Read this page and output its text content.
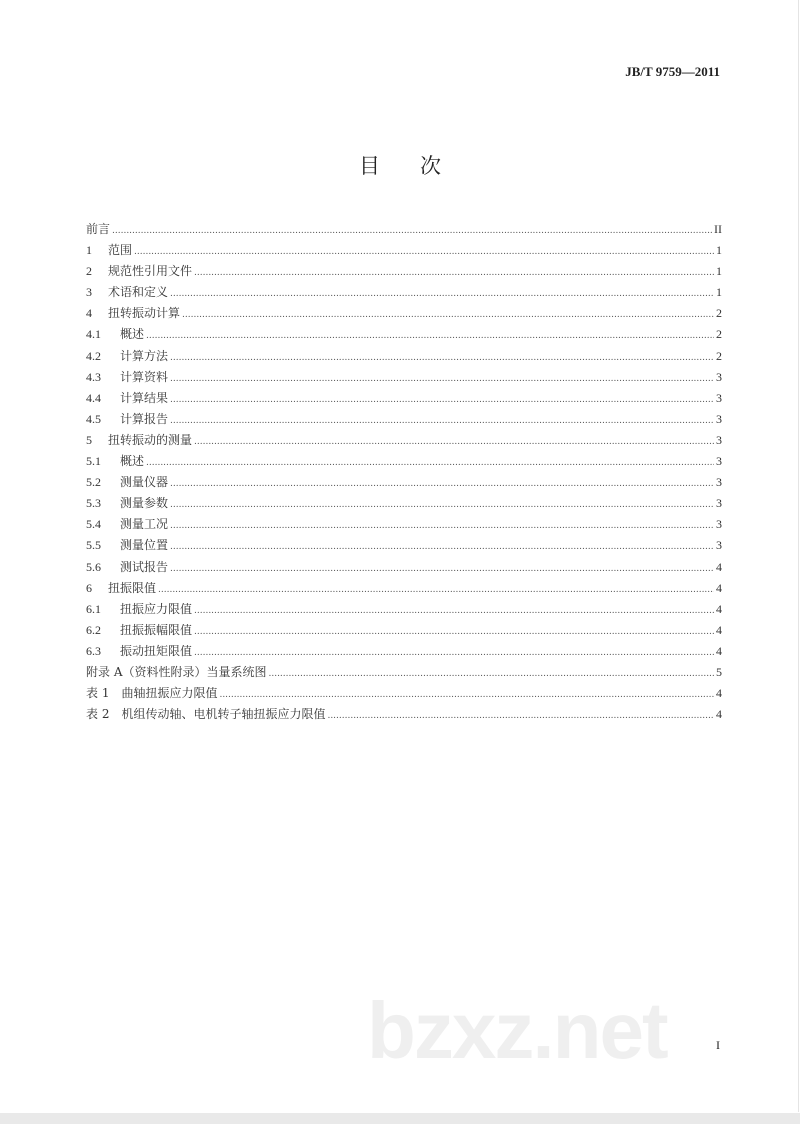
JB/T 9759—2011
目次
前言 .....	II
1	范围 .....	1
2	规范性引用文件 .....	1
3	术语和定义 .....	1
4	扭转振动计算 .....	2
4.1	概述 .....	2
4.2	计算方法 .....	2
4.3	计算资料 .....	3
4.4	计算结果 .....	3
4.5	计算报告 .....	3
5	扭转振动的测量 .....	3
5.1	概述 .....	3
5.2	测量仪器 .....	3
5.3	测量参数 .....	3
5.4	测量工况 .....	3
5.5	测量位置 .....	3
5.6	测试报告 .....	4
6	扭振限值 .....	4
6.1	扭振应力限值 .....	4
6.2	扭振振幅限值 .....	4
6.3	振动扭矩限值 .....	4
附录 A（资料性附录）当量系统图 .....	5
表 1　曲轴扭振应力限值 .....	4
表 2　机组传动轴、电机转子轴扭振应力限值 .....	4
bzxz.net	I
